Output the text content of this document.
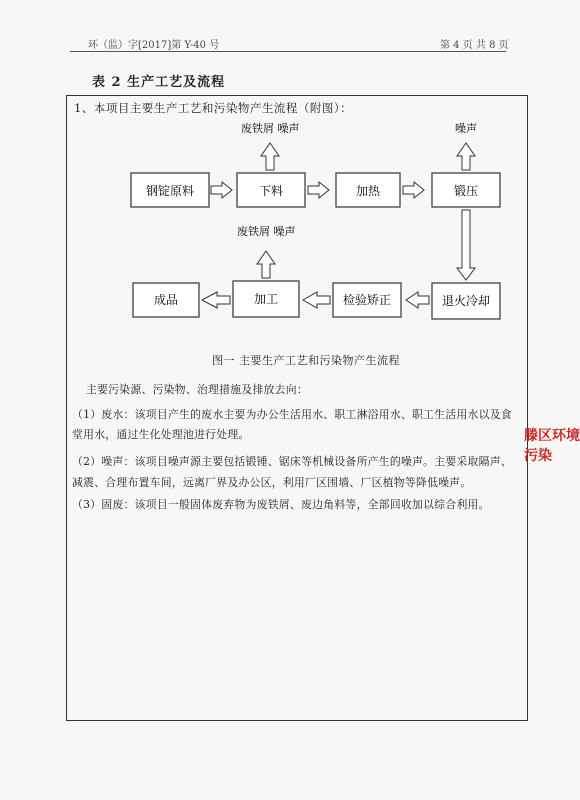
环（监）字[2017]第 Y-40 号	第 4 页 共 8 页
表 2 生产工艺及流程
1、本项目主要生产工艺和污染物产生流程（附图）：
钢锭原料	下料	加热	锻压
成品	加工	检验矫正	退火冷却
废铁屑 噪声	噪声
废铁屑 噪声
图一 主要生产工艺和污染物产生流程
主要污染源、污染物、治理措施及排放去向：
（1）废水：该项目产生的废水主要为办公生活用水、职工淋浴用水、职工生活用水以及食
堂用水，通过生化处理池进行处理。
（2）噪声：该项目噪声源主要包括锻锤、锯床等机械设备所产生的噪声。主要采取隔声、
减震、合理布置车间，远离厂界及办公区，利用厂区围墙、厂区植物等降低噪声。
（3）固废：该项目一般固体废弃物为废铁屑、废边角料等，全部回收加以综合利用。
滕区环境
污染
